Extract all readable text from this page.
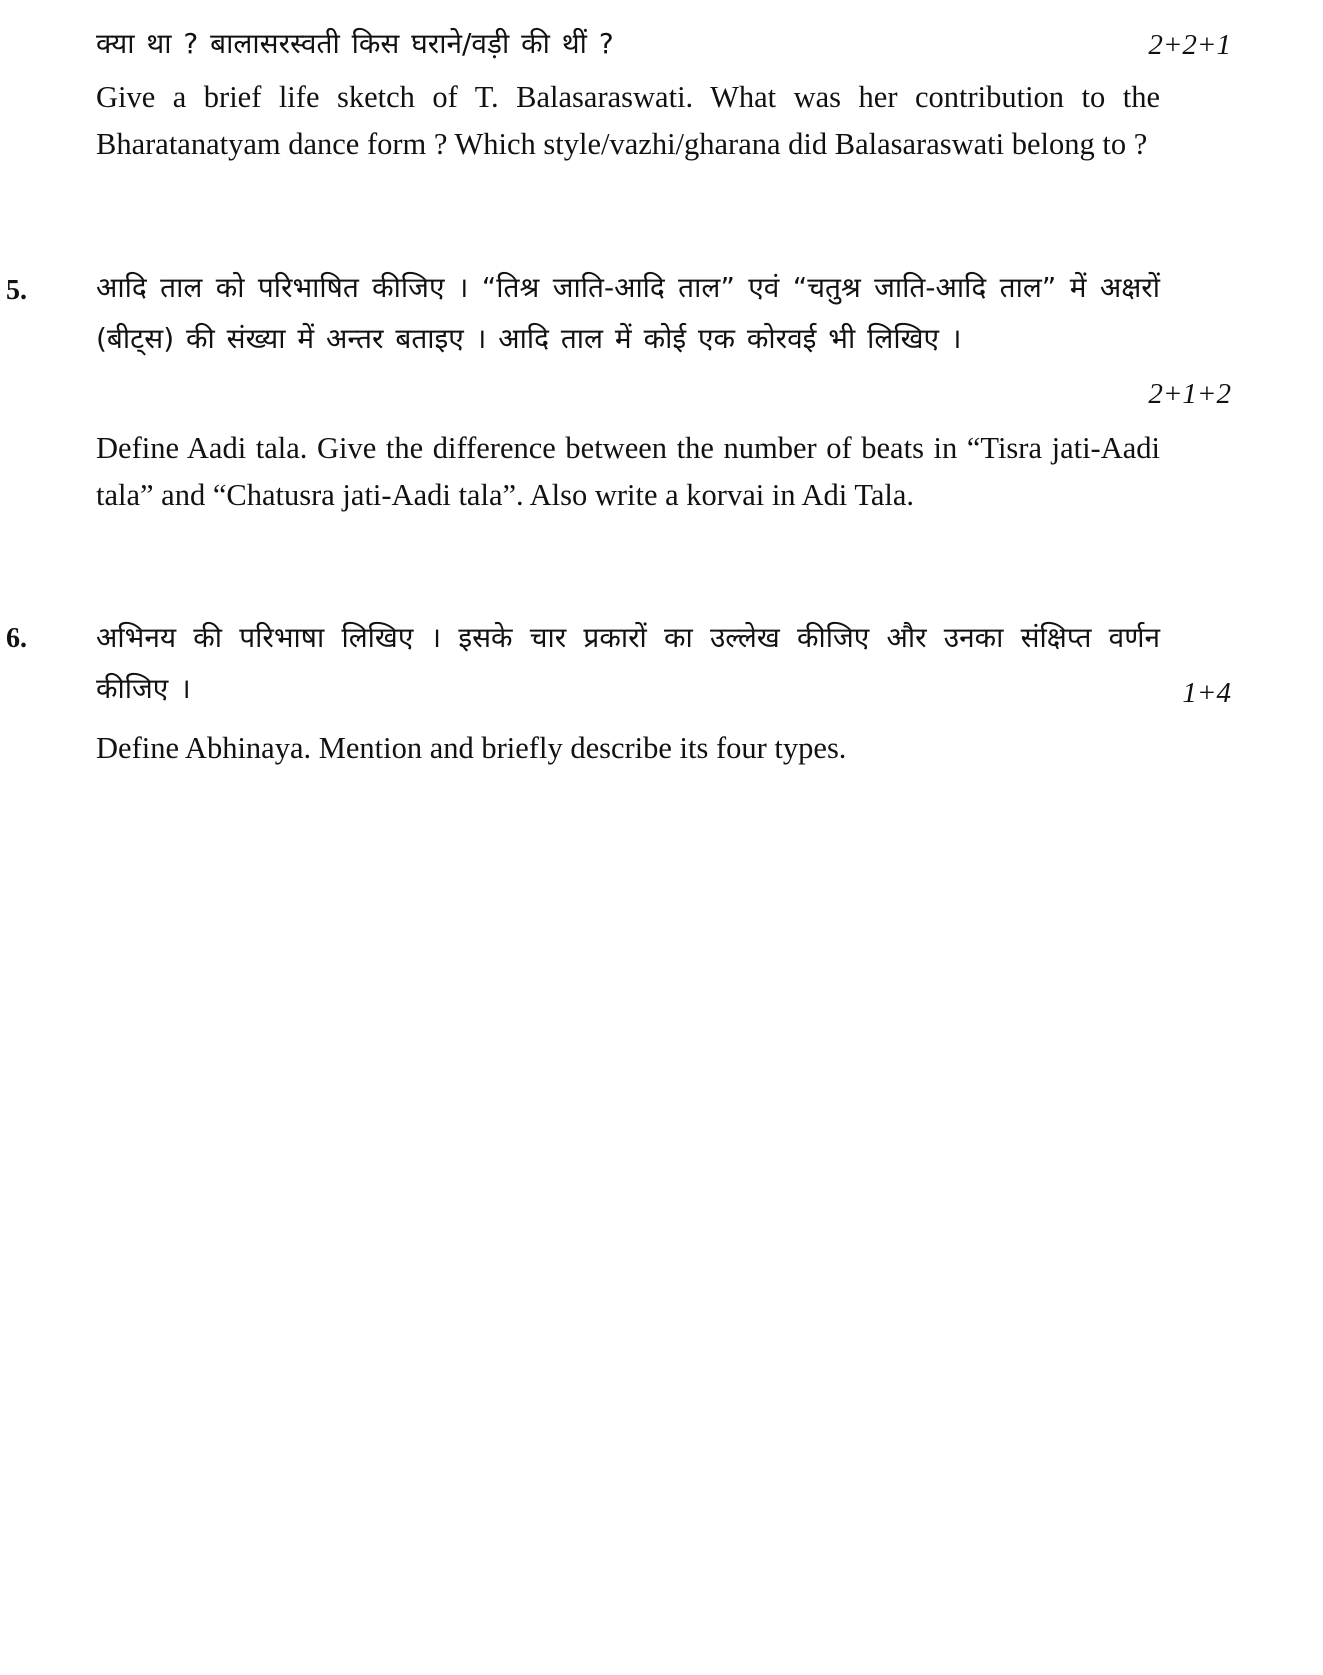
क्या था ? बालासरस्वती किस घराने/वड़ी की थीं ?	2+2+1
Give a brief life sketch of T. Balasaraswati. What was her contribution to the Bharatanatyam dance form ? Which style/vazhi/gharana did Balasaraswati belong to ?
5. आदि ताल को परिभाषित कीजिए । “तिश्र जाति-आदि ताल” एवं “चतुश्र जाति-आदि ताल” में अक्षरों (बीट्स) की संख्या में अन्तर बताइए । आदि ताल में कोई एक कोरवई भी लिखिए ।
2+1+2
Define Aadi tala. Give the difference between the number of beats in “Tisra jati-Aadi tala” and “Chatusra jati-Aadi tala”. Also write a korvai in Adi Tala.
6. अभिनय की परिभाषा लिखिए । इसके चार प्रकारों का उल्लेख कीजिए और उनका संक्षिप्त वर्णन कीजिए ।	1+4
Define Abhinaya. Mention and briefly describe its four types.
